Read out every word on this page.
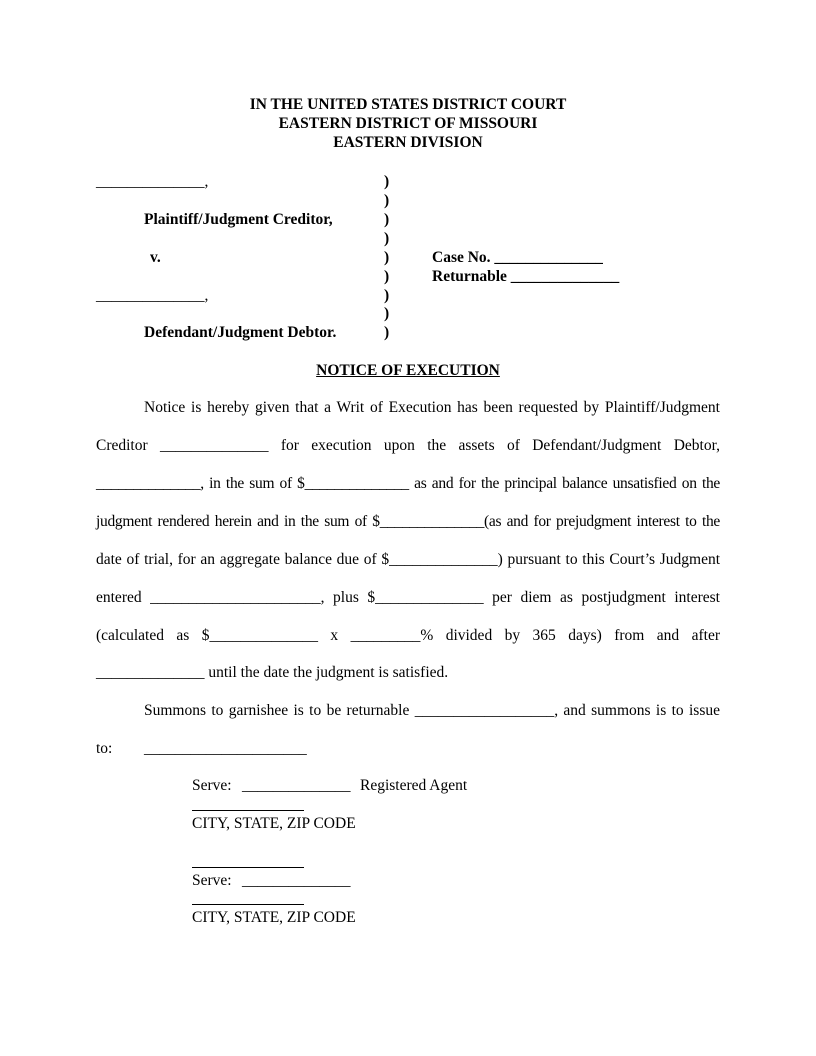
IN THE UNITED STATES DISTRICT COURT
EASTERN DISTRICT OF MISSOURI
EASTERN DIVISION
______________,
Plaintiff/Judgment Creditor,
v.
______________,
Defendant/Judgment Debtor.
)
)
)
)
)
)
)
)
)
Case No. ______________
Returnable ______________
NOTICE OF EXECUTION
Notice is hereby given that a Writ of Execution has been requested by Plaintiff/Judgment
Creditor ______________ for execution upon the assets of Defendant/Judgment Debtor,
______________, in the sum of $______________ as and for the principal balance unsatisfied on the
judgment rendered herein and in the sum of $______________(as and for prejudgment interest to the
date of trial, for an aggregate balance due of $______________) pursuant to this Court’s Judgment
entered ______________________, plus $______________ per diem as postjudgment interest
(calculated as $______________ x _________% divided by 365 days) from and after
______________ until the date the judgment is satisfied.
Summons to garnishee is to be returnable __________________, and summons is to issue
to: _____________________
Serve: ______________ Registered Agent
CITY, STATE, ZIP CODE
Serve: ______________
CITY, STATE, ZIP CODE
